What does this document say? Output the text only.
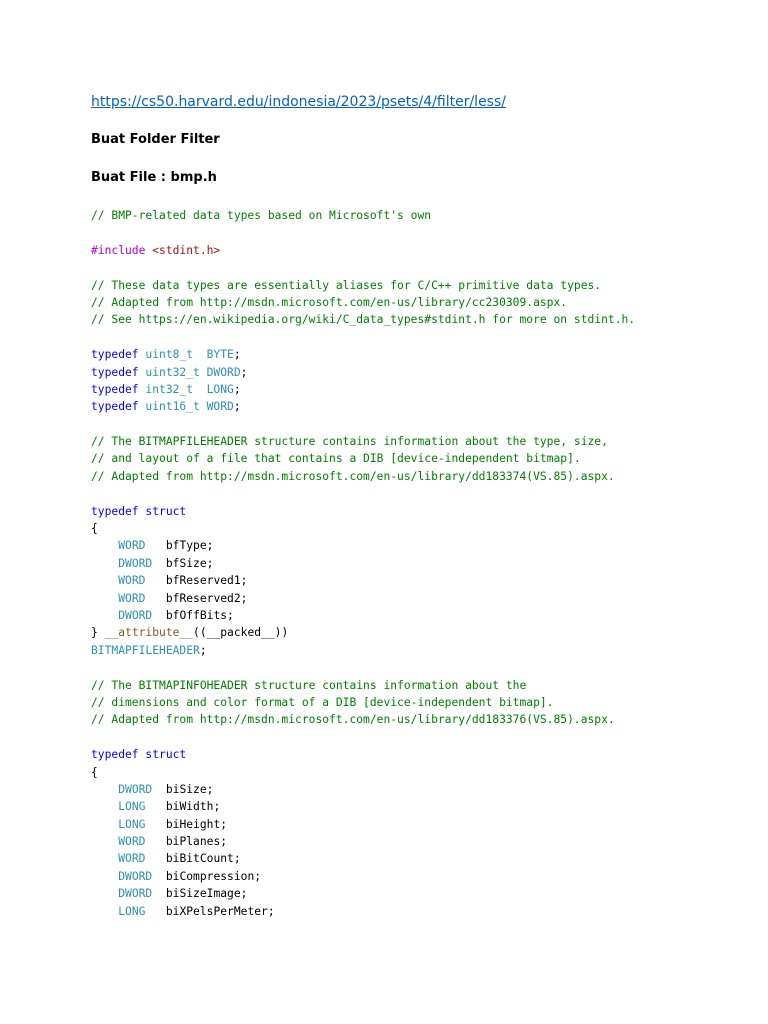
https://cs50.harvard.edu/indonesia/2023/psets/4/filter/less/

Buat Folder Filter

Buat File : bmp.h

// BMP-related data types based on Microsoft's own
#include <stdint.h>
// These data types are essentially aliases for C/C++ primitive data types.
// Adapted from http://msdn.microsoft.com/en-us/library/cc230309.aspx.
// See https://en.wikipedia.org/wiki/C_data_types#stdint.h for more on stdint.h.
typedef uint8_t  BYTE;
typedef uint32_t DWORD;
typedef int32_t  LONG;
typedef uint16_t WORD;
// The BITMAPFILEHEADER structure contains information about the type, size,
// and layout of a file that contains a DIB [device-independent bitmap].
// Adapted from http://msdn.microsoft.com/en-us/library/dd183374(VS.85).aspx.
typedef struct
{
WORD   bfType;
DWORD  bfSize;
WORD   bfReserved1;
WORD   bfReserved2;
DWORD  bfOffBits;
} __attribute__((__packed__))
BITMAPFILEHEADER;
// The BITMAPINFOHEADER structure contains information about the
// dimensions and color format of a DIB [device-independent bitmap].
// Adapted from http://msdn.microsoft.com/en-us/library/dd183376(VS.85).aspx.
typedef struct
{
DWORD  biSize;
LONG   biWidth;
LONG   biHeight;
WORD   biPlanes;
WORD   biBitCount;
DWORD  biCompression;
DWORD  biSizeImage;
LONG   biXPelsPerMeter;
